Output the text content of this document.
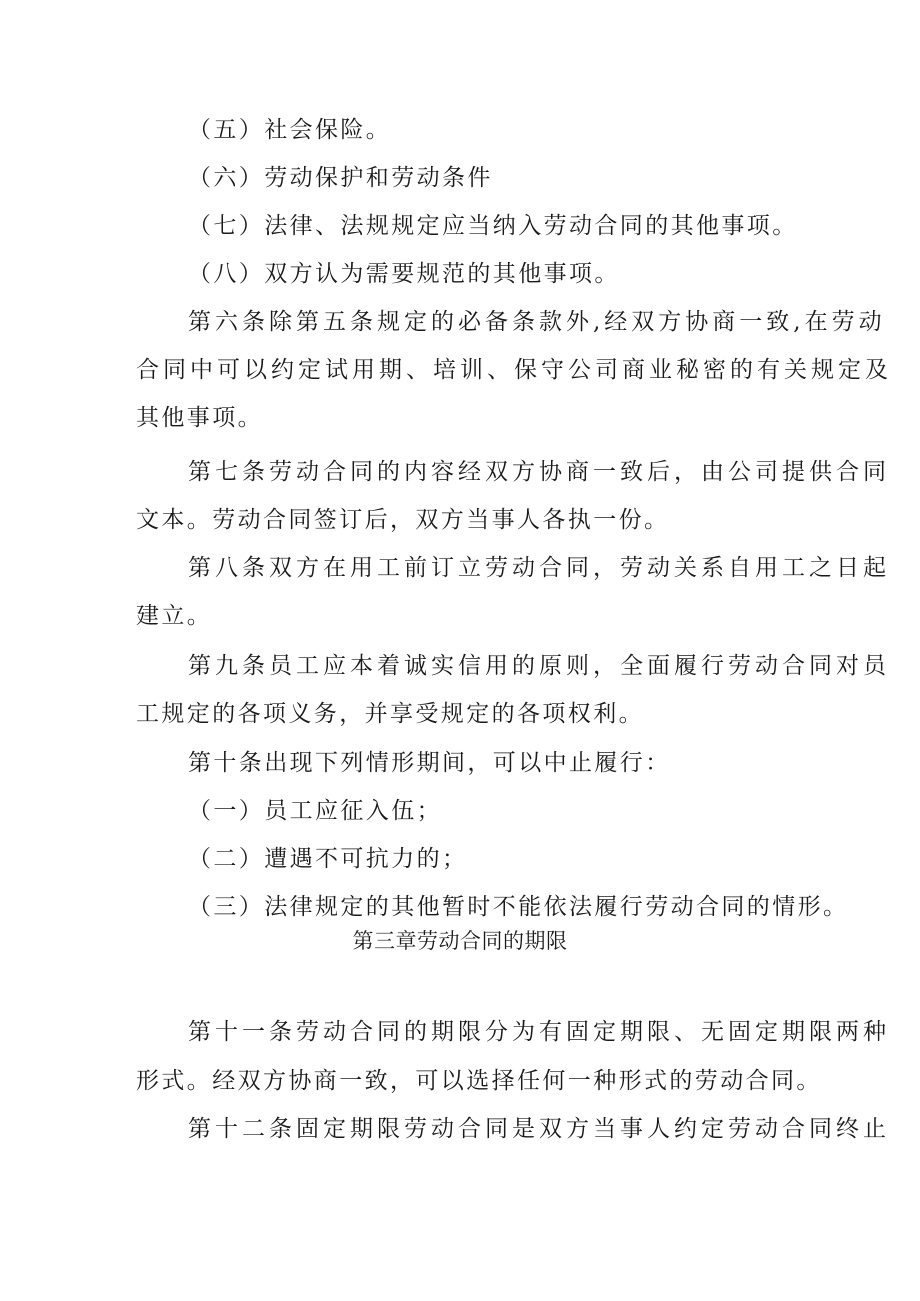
（五）社会保险。
（六）劳动保护和劳动条件
（七）法律、法规规定应当纳入劳动合同的其他事项。
（八）双方认为需要规范的其他事项。
第六条除第五条规定的必备条款外,经双方协商一致,在劳动
合同中可以约定试用期、培训、保守公司商业秘密的有关规定及
其他事项。
第七条劳动合同的内容经双方协商一致后，由公司提供合同
文本。劳动合同签订后，双方当事人各执一份。
第八条双方在用工前订立劳动合同，劳动关系自用工之日起
建立。
第九条员工应本着诚实信用的原则，全面履行劳动合同对员
工规定的各项义务，并享受规定的各项权利。
第十条出现下列情形期间，可以中止履行：
（一）员工应征入伍；
（二）遭遇不可抗力的；
（三）法律规定的其他暂时不能依法履行劳动合同的情形。
第三章劳动合同的期限
第十一条劳动合同的期限分为有固定期限、无固定期限两种
形式。经双方协商一致，可以选择任何一种形式的劳动合同。
第十二条固定期限劳动合同是双方当事人约定劳动合同终止
